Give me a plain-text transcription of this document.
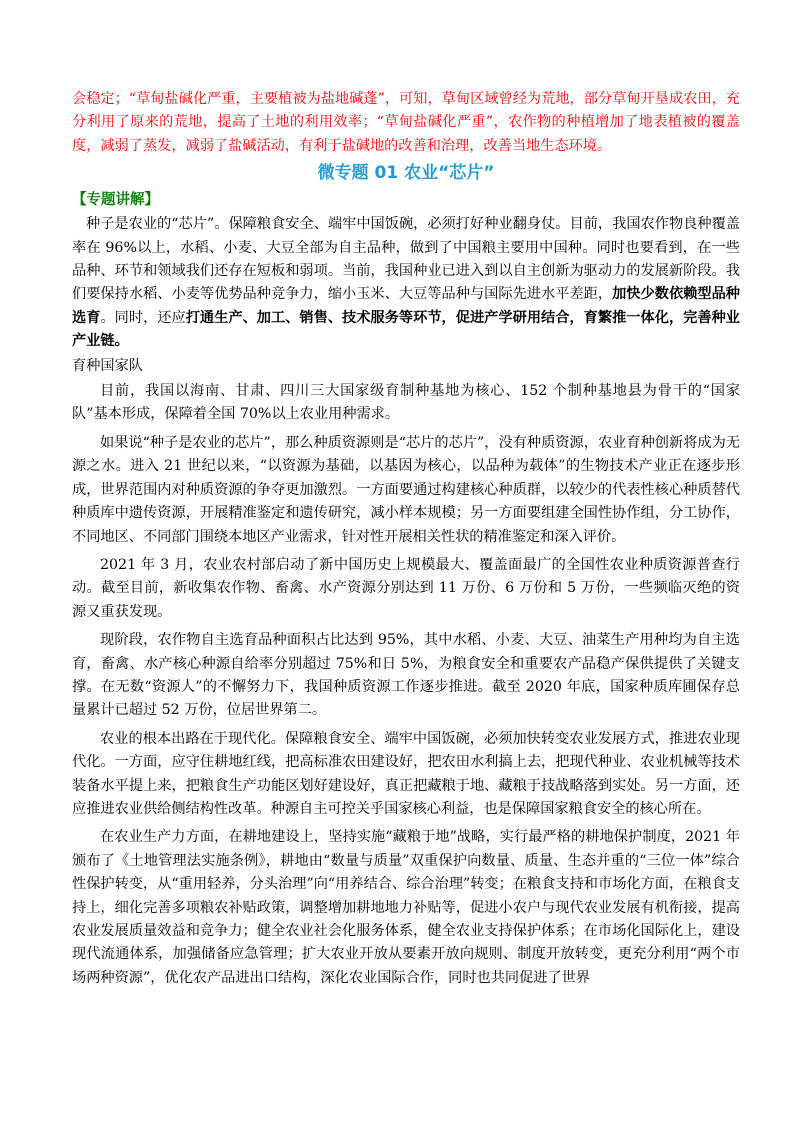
会稳定；“草甸盐碱化严重，主要植被为盐地碱蓬”，可知，草甸区域曾经为荒地，部分草甸开垦成农田，充分利用了原来的荒地，提高了土地的利用效率；“草甸盐碱化严重”，农作物的种植增加了地表植被的覆盖度，减弱了蒸发，减弱了盐碱活动，有利于盐碱地的改善和治理，改善当地生态环境。

微专题 01 农业“芯片”
【专题讲解】

种子是农业的“芯片”。保障粮食安全、端牢中国饭碗，必须打好种业翻身仗。目前，我国农作物良种覆盖率在 96%以上，水稻、小麦、大豆全部为自主品种，做到了中国粮主要用中国种。同时也要看到，在一些品种、环节和领域我们还存在短板和弱项。当前，我国种业已进入到以自主创新为驱动力的发展新阶段。我们要保持水稻、小麦等优势品种竞争力，缩小玉米、大豆等品种与国际先进水平差距，加快少数依赖型品种选育。同时，还应打通生产、加工、销售、技术服务等环节，促进产学研用结合，育繁推一体化，完善种业产业链。

育种国家队

目前，我国以海南、甘肃、四川三大国家级育制种基地为核心、152 个制种基地县为骨干的“国家队”基本形成，保障着全国 70%以上农业用种需求。

如果说“种子是农业的芯片”，那么种质资源则是“芯片的芯片”，没有种质资源，农业育种创新将成为无源之水。进入 21 世纪以来，“以资源为基础，以基因为核心，以品种为载体”的生物技术产业正在逐步形成，世界范围内对种质资源的争夺更加激烈。一方面要通过构建核心种质群，以较少的代表性核心种质替代种质库中遗传资源，开展精准鉴定和遗传研究，减小样本规模；另一方面要组建全国性协作组，分工协作，不同地区、不同部门围绕本地区产业需求，针对性开展相关性状的精准鉴定和深入评价。

2021 年 3 月，农业农村部启动了新中国历史上规模最大、覆盖面最广的全国性农业种质资源普查行动。截至目前，新收集农作物、畜禽、水产资源分别达到 11 万份、6 万份和 5 万份，一些频临灭绝的资源又重获发现。

现阶段，农作物自主选育品种面积占比达到 95%，其中水稻、小麦、大豆、油菜生产用种均为自主选育，畜禽、水产核心种源自给率分别超过 75%和日 5%，为粮食安全和重要农产品稳产保供提供了关键支撑。在无数“资源人”的不懈努力下，我国种质资源工作逐步推进。截至 2020 年底，国家种质库圃保存总量累计已超过 52 万份，位居世界第二。

农业的根本出路在于现代化。保障粮食安全、端牢中国饭碗，必须加快转变农业发展方式，推进农业现代化。一方面，应守住耕地红线，把高标准农田建设好，把农田水利搞上去，把现代种业、农业机械等技术装备水平提上来，把粮食生产功能区划好建设好，真正把藏粮于地、藏粮于技战略落到实处。另一方面，还应推进农业供给侧结构性改革。种源自主可控关乎国家核心利益，也是保障国家粮食安全的核心所在。

在农业生产力方面，在耕地建设上，坚持实施“藏粮于地”战略，实行最严格的耕地保护制度，2021 年颁布了《土地管理法实施条例》，耕地由“数量与质量”双重保护向数量、质量、生态并重的“三位一体”综合性保护转变，从“重用轻养，分头治理”向“用养结合、综合治理”转变；在粮食支持和市场化方面，在粮食支持上，细化完善多项粮农补贴政策，调整增加耕地地力补贴等，促进小农户与现代农业发展有机衔接，提高农业发展质量效益和竞争力；健全农业社会化服务体系，健全农业支持保护体系；在市场化国际化上，建设现代流通体系，加强储备应急管理；扩大农业开放从要素开放向规则、制度开放转变，更充分利用“两个市场两种资源”，优化农产品进出口结构，深化农业国际合作，同时也共同促进了世界
